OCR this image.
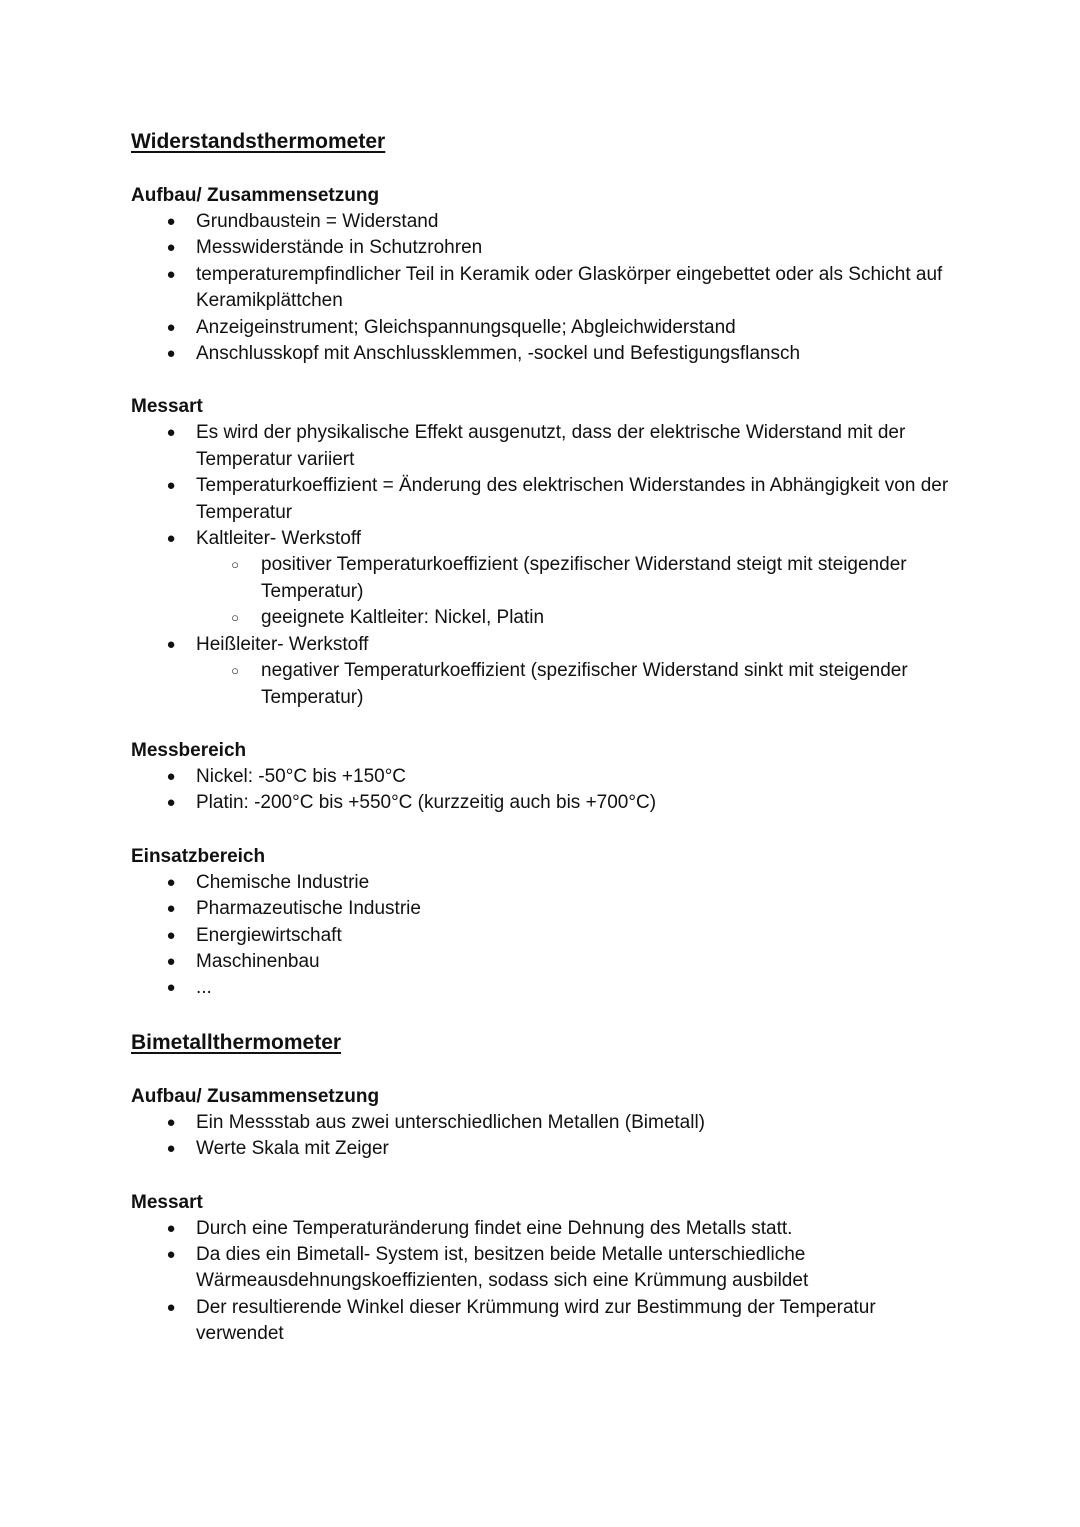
Widerstandsthermometer
Aufbau/ Zusammensetzung
● Grundbaustein = Widerstand
● Messwiderstände in Schutzrohren
● temperaturempfindlicher Teil in Keramik oder Glaskörper eingebettet oder als Schicht auf Keramikplättchen
● Anzeigeinstrument; Gleichspannungsquelle; Abgleichwiderstand
● Anschlusskopf mit Anschlussklemmen, -sockel und Befestigungsflansch
Messart
● Es wird der physikalische Effekt ausgenutzt, dass der elektrische Widerstand mit der Temperatur variiert
● Temperaturkoeffizient = Änderung des elektrischen Widerstandes in Abhängigkeit von der Temperatur
● Kaltleiter- Werkstoff
○ positiver Temperaturkoeffizient (spezifischer Widerstand steigt mit steigender Temperatur)
○ geeignete Kaltleiter: Nickel, Platin
● Heißleiter- Werkstoff
○ negativer Temperaturkoeffizient (spezifischer Widerstand sinkt mit steigender Temperatur)
Messbereich
● Nickel: -50°C bis +150°C
● Platin: -200°C bis +550°C (kurzzeitig auch bis +700°C)
Einsatzbereich
● Chemische Industrie
● Pharmazeutische Industrie
● Energiewirtschaft
● Maschinenbau
● ...
Bimetallthermometer
Aufbau/ Zusammensetzung
● Ein Messstab aus zwei unterschiedlichen Metallen (Bimetall)
● Werte Skala mit Zeiger
Messart
● Durch eine Temperaturänderung findet eine Dehnung des Metalls statt.
● Da dies ein Bimetall- System ist, besitzen beide Metalle unterschiedliche Wärmeausdehnungskoeffizienten, sodass sich eine Krümmung ausbildet
● Der resultierende Winkel dieser Krümmung wird zur Bestimmung der Temperatur verwendet
